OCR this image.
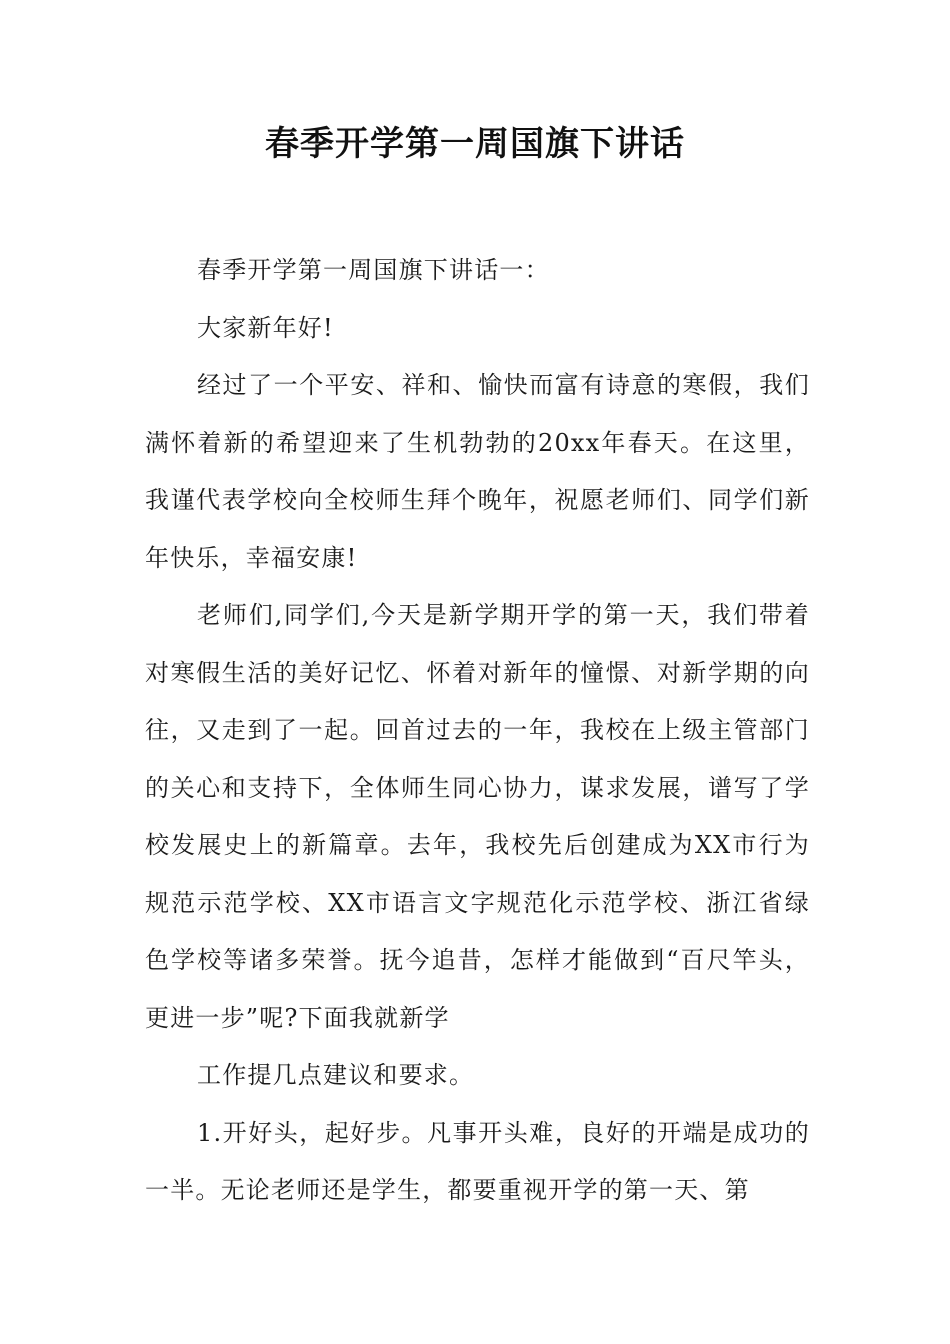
春季开学第一周国旗下讲话

春季开学第一周国旗下讲话一：

大家新年好!

经过了一个平安、祥和、愉快而富有诗意的寒假，我们满怀着新的希望迎来了生机勃勃的20xx年春天。在这里，我谨代表学校向全校师生拜个晚年，祝愿老师们、同学们新年快乐，幸福安康!

老师们,同学们,今天是新学期开学的第一天，我们带着对寒假生活的美好记忆、怀着对新年的憧憬、对新学期的向往，又走到了一起。回首过去的一年，我校在上级主管部门的关心和支持下，全体师生同心协力，谋求发展，谱写了学校发展史上的新篇章。去年，我校先后创建成为XX市行为规范示范学校、XX市语言文字规范化示范学校、浙江省绿色学校等诸多荣誉。抚今追昔，怎样才能做到“百尺竿头，更进一步”呢?下面我就新学

工作提几点建议和要求。

1.开好头，起好步。凡事开头难，良好的开端是成功的一半。无论老师还是学生，都要重视开学的第一天、第
